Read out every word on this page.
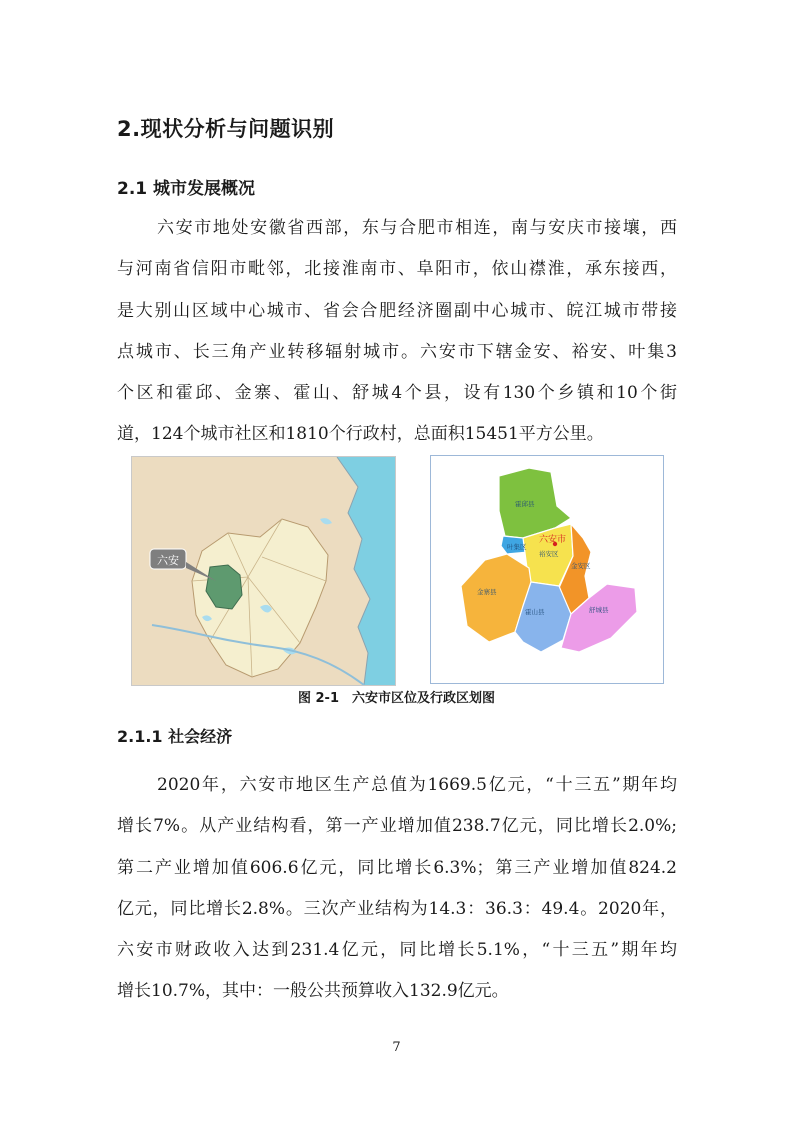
2.现状分析与问题识别
2.1 城市发展概况
六安市地处安徽省西部，东与合肥市相连，南与安庆市接壤，西
与河南省信阳市毗邻，北接淮南市、阜阳市，依山襟淮，承东接西，
是大别山区域中心城市、省会合肥经济圈副中心城市、皖江城市带接
点城市、长三角产业转移辐射城市。六安市下辖金安、裕安、叶集3
个区和霍邱、金寨、霍山、舒城4个县，设有130个乡镇和10个街
道，124个城市社区和1810个行政村，总面积15451平方公里。
六安
六安市
霍邱县
叶集区
裕安区
金安区
金寨县
霍山县	舒城县
图 2-1　六安市区位及行政区划图
2.1.1 社会经济
2020年，六安市地区生产总值为1669.5亿元，“十三五”期年均
增长7%。从产业结构看，第一产业增加值238.7亿元，同比增长2.0%;
第二产业增加值606.6亿元，同比增长6.3%；第三产业增加值824.2
亿元，同比增长2.8%。三次产业结构为14.3：36.3：49.4。2020年，
六安市财政收入达到231.4亿元，同比增长5.1%，“十三五”期年均
增长10.7%，其中：一般公共预算收入132.9亿元。
7
